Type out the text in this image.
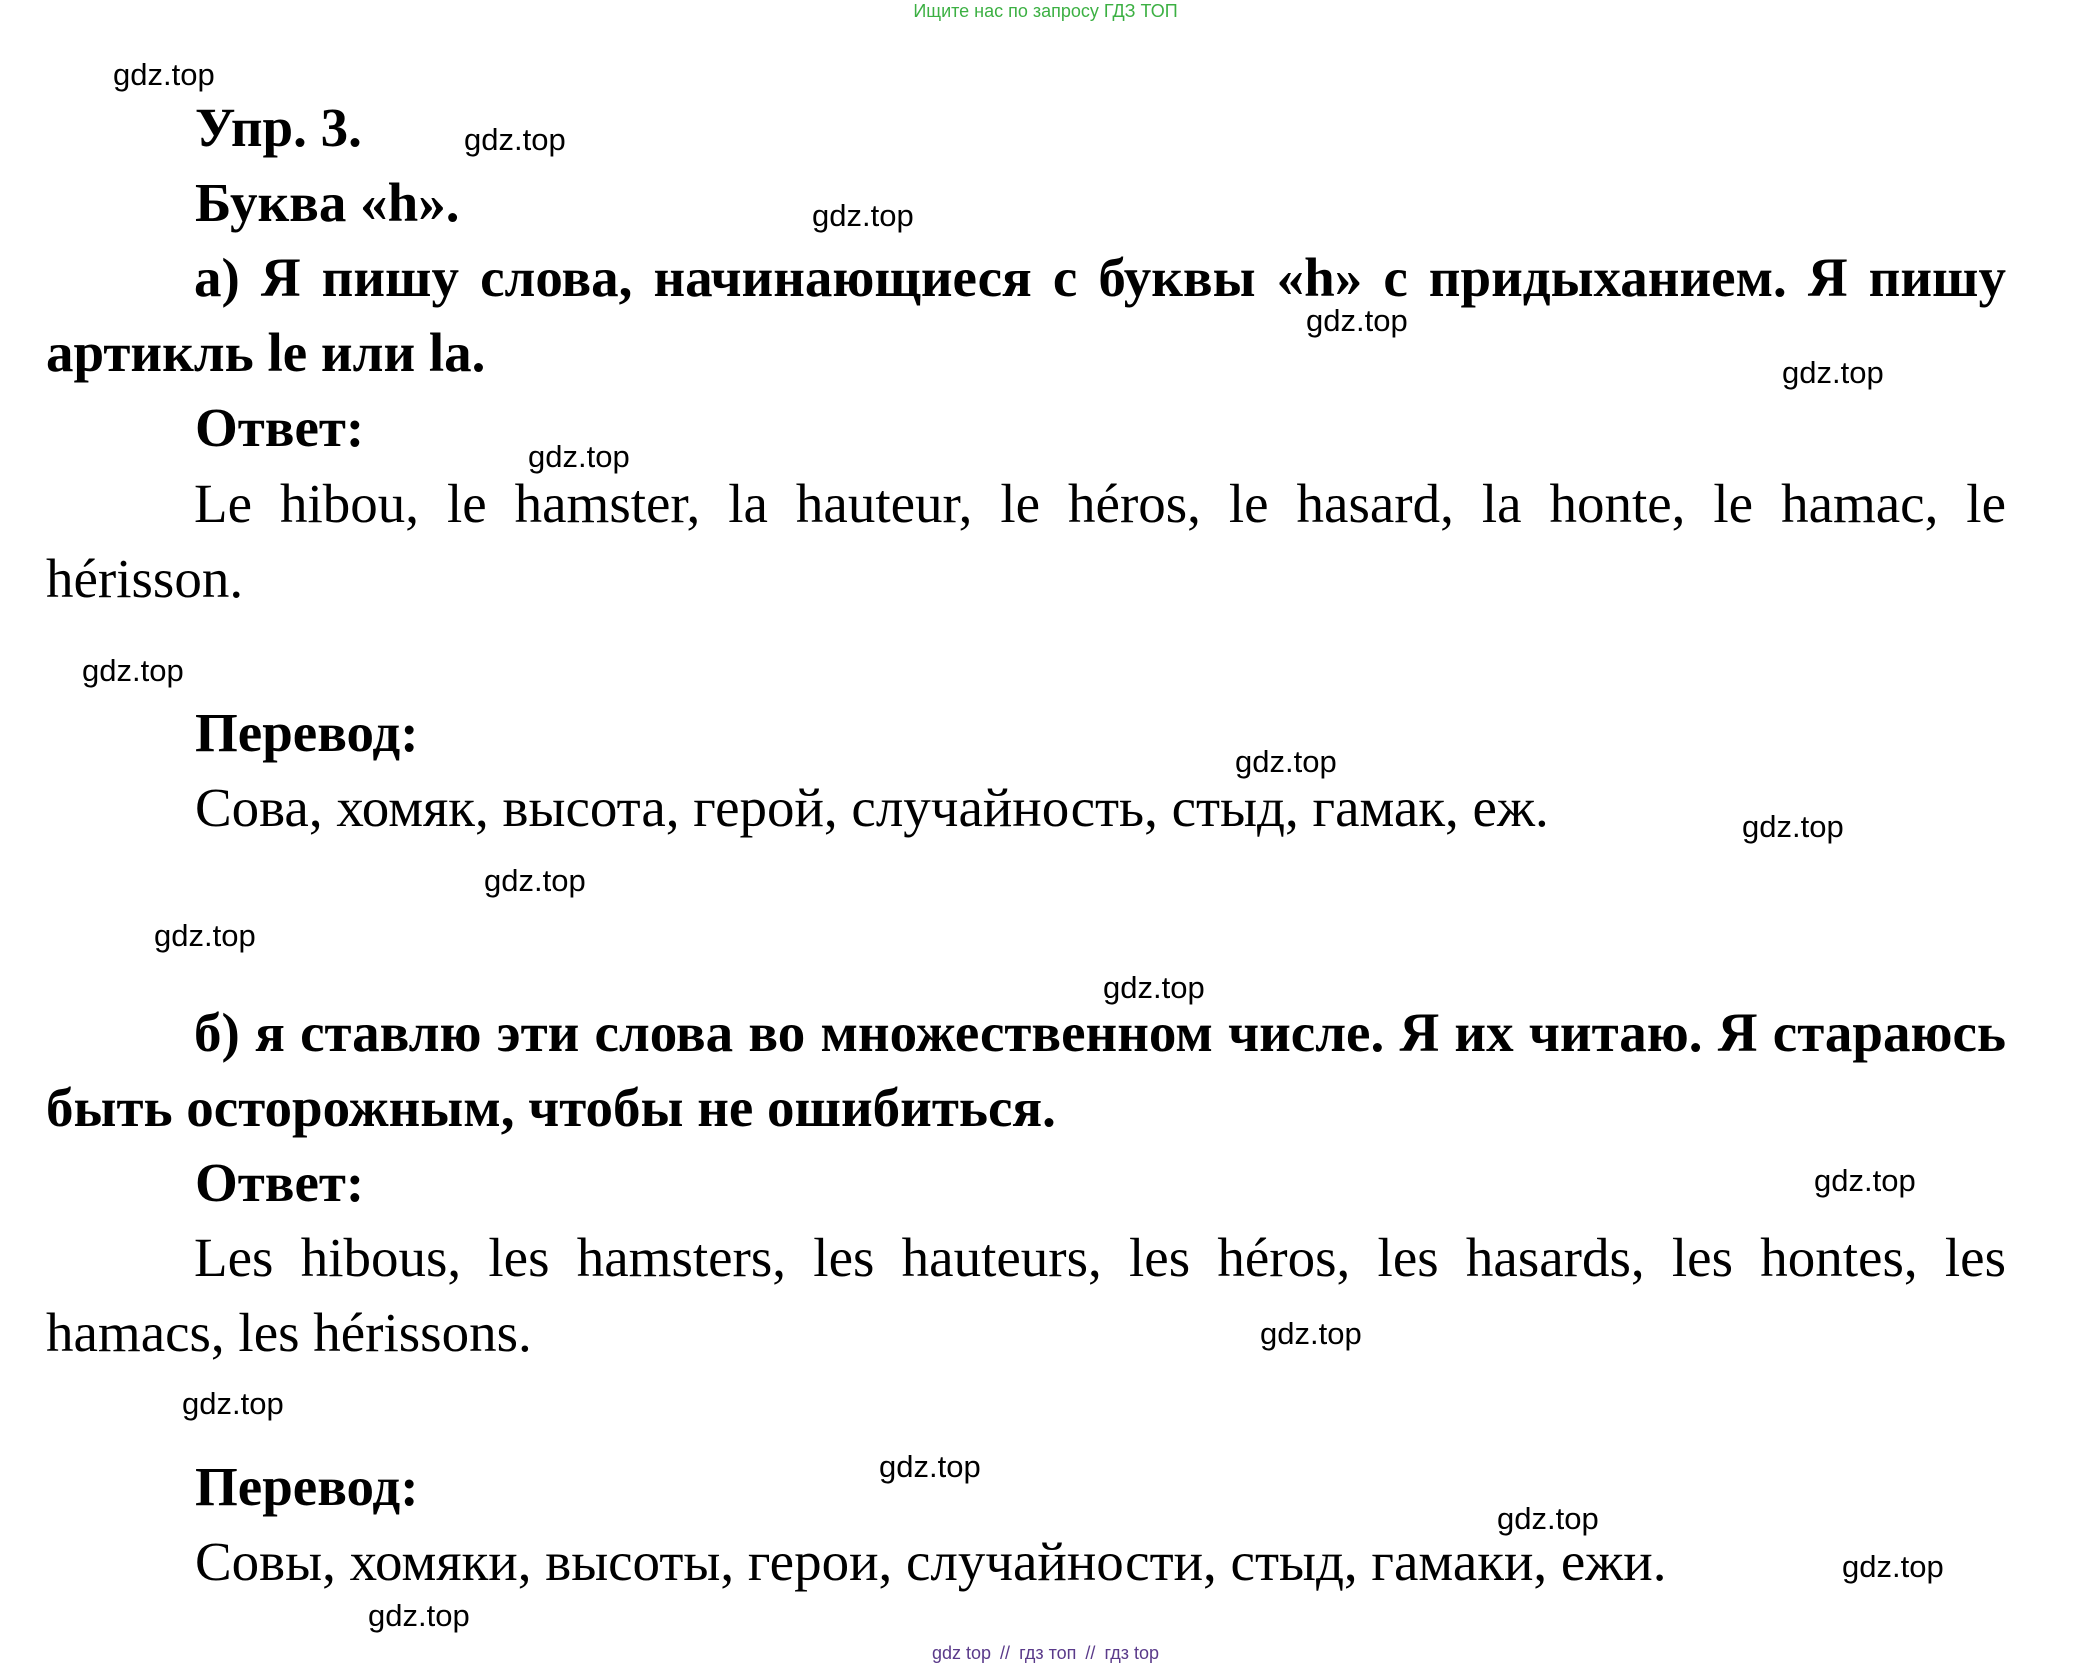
Ищите нас по запросу ГДЗ ТОП
Упр. 3.
Буква «h».

а) Я пишу слова, начинающиеся с буквы «h» с придыханием. Я пишу артикль le или la.

Ответ:

Le hibou, le hamster, la hauteur, le héros, le hasard, la honte, le hamac, le hérisson.

Перевод:
Сова, хомяк, высота, герой, случайность, стыд, гамак, еж.

б) я ставлю эти слова во множественном числе. Я их читаю. Я стараюсь быть осторожным, чтобы не ошибиться.

Ответ:

Les hibous, les hamsters, les hauteurs, les héros, les hasards, les hontes, les hamacs, les hérissons.

Перевод:
Совы, хомяки, высоты, герои, случайности, стыд, гамаки, ежи.
gdz.top
gdz.top
gdz.top
gdz.top
gdz.top
gdz.top
gdz.top
gdz.top
gdz.top
gdz.top
gdz.top
gdz.top
gdz.top
gdz.top
gdz.top
gdz.top
gdz.top
gdz.top
gdz.top
gdz top // гдз топ // гдз top
